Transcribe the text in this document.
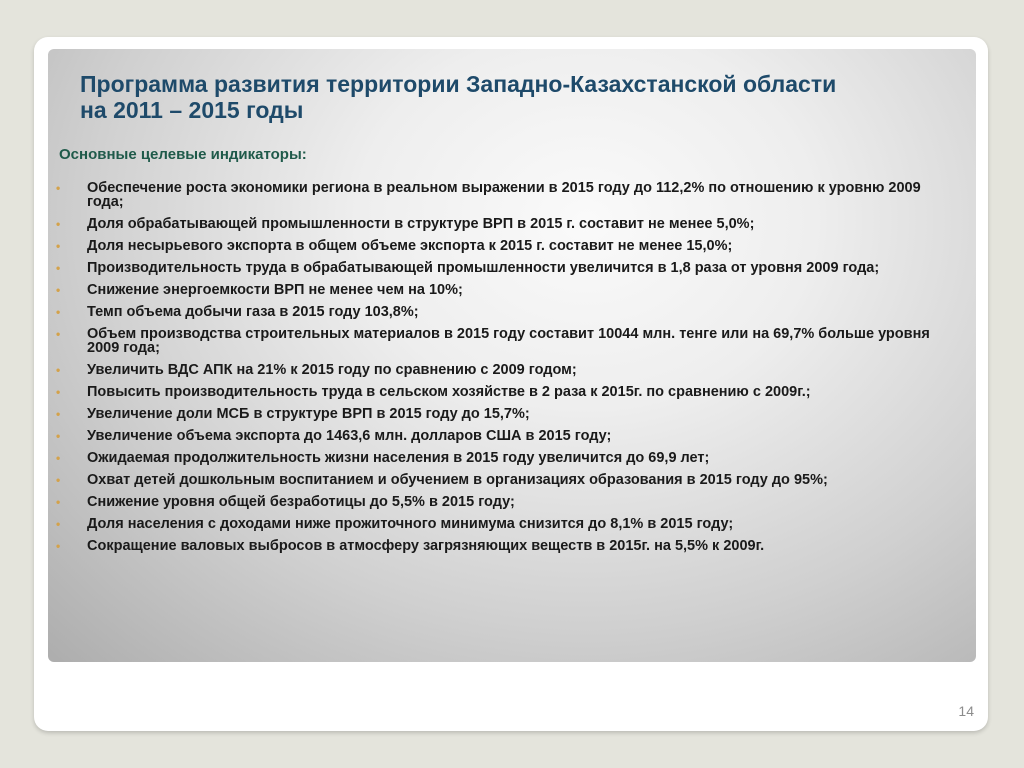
Программа развития территории Западно-Казахстанской области
на 2011 – 2015 годы
Основные целевые индикаторы:
• Обеспечение роста экономики региона в реальном выражении в 2015 году до 112,2% по отношению к уровню 2009 года;
• Доля обрабатывающей промышленности в структуре ВРП в 2015 г. составит не менее 5,0%;
• Доля несырьевого экспорта в общем объеме экспорта к 2015 г. составит не менее 15,0%;
• Производительность труда в обрабатывающей промышленности увеличится в 1,8 раза от уровня 2009 года;
• Снижение энергоемкости ВРП не менее чем на 10%;
• Темп объема добычи газа в 2015 году 103,8%;
• Объем производства строительных материалов в 2015 году составит 10044 млн. тенге или на 69,7% больше уровня 2009 года;
• Увеличить ВДС АПК на 21% к 2015 году по сравнению с 2009 годом;
• Повысить производительность труда в сельском хозяйстве в 2 раза к 2015г. по сравнению с 2009г.;
• Увеличение доли МСБ в структуре ВРП в 2015 году до 15,7%;
• Увеличение объема экспорта до 1463,6 млн. долларов США в 2015 году;
• Ожидаемая продолжительность жизни населения в 2015 году увеличится до 69,9 лет;
• Охват детей дошкольным воспитанием и обучением в организациях образования в 2015 году до 95%;
• Снижение уровня общей безработицы до 5,5% в 2015 году;
• Доля населения с доходами ниже прожиточного минимума снизится до 8,1% в 2015 году;
• Сокращение валовых выбросов в атмосферу загрязняющих веществ в 2015г. на 5,5% к 2009г.
14
